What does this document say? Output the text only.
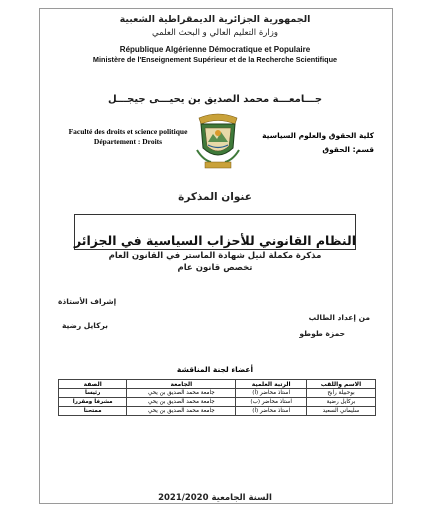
الجمهورية الجزائرية الديمقراطية الشعبية
وزارة التعليم العالي و البحث العلمي
République Algérienne Démocratique et Populaire
Ministère de l'Enseignement Supérieur et de la Recherche Scientifique
جـــامعـــة محمد الصديق بن يحيـــى جيجـــل
Faculté des droits et science politique
Département : Droits
كلية الحقوق والعلوم السياسية
قسم: الحقوق
عنوان المذكرة
النظام القانوني للأحزاب السياسية في الجزائر
مذكرة مكملة لنيل شهادة الماستر في القانون العام
تخصص قانون عام
من إعداد الطالب
حمزة طوطو
إشراف الأستاذة
بركايل رضية
أعضاء لجنة المناقشة
الاسم واللقب	الرتبة العلمية	الجامعة	الصفة
بوحبيلة رابح	استاذ محاضر (أ)	جامعة محمد الصديق بن يحي	رئيسا
بركايل رضية	استاذ محاضر (ب)	جامعة محمد الصديق بن يحي	مشرفا ومقررا
سليماني السعيد	استاذ محاضر (أ)	جامعة محمد الصديق بن يحي	ممتحنا
السنة الجامعية 2021/2020
